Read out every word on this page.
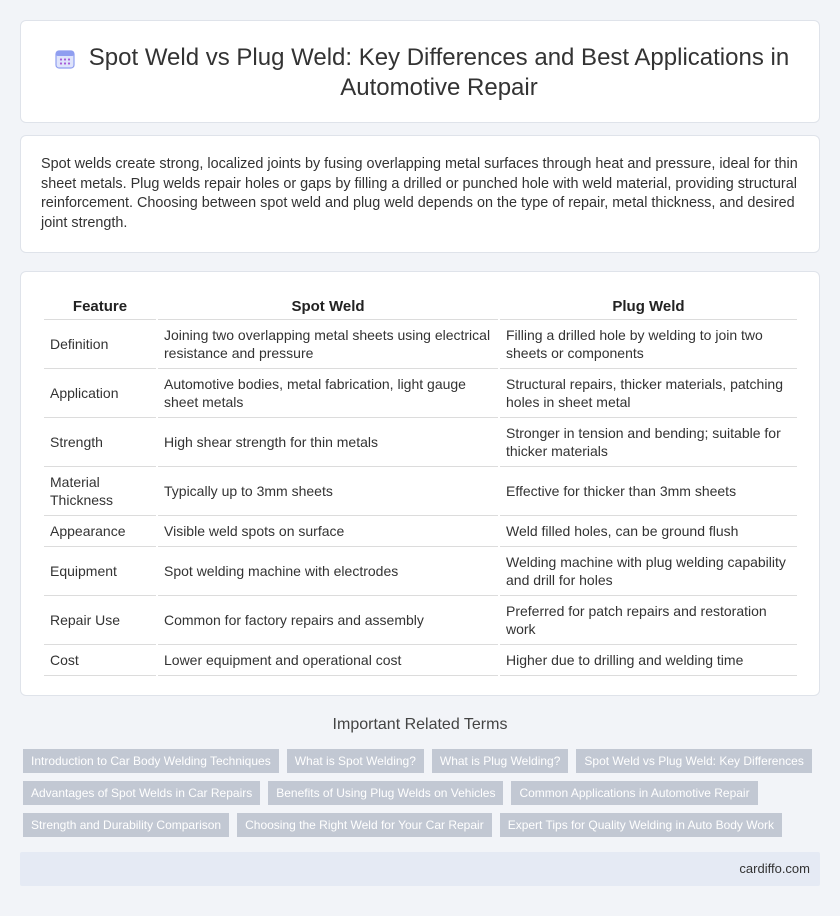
Spot Weld vs Plug Weld: Key Differences and Best Applications in Automotive Repair

Spot welds create strong, localized joints by fusing overlapping metal surfaces through heat and pressure, ideal for thin sheet metals. Plug welds repair holes or gaps by filling a drilled or punched hole with weld material, providing structural reinforcement. Choosing between spot weld and plug weld depends on the type of repair, metal thickness, and desired joint strength.

Feature	Spot Weld	Plug Weld
Definition	Joining two overlapping metal sheets using electrical resistance and pressure	Filling a drilled hole by welding to join two sheets or components
Application	Automotive bodies, metal fabrication, light gauge sheet metals	Structural repairs, thicker materials, patching holes in sheet metal
Strength	High shear strength for thin metals	Stronger in tension and bending; suitable for thicker materials
Material Thickness	Typically up to 3mm sheets	Effective for thicker than 3mm sheets
Appearance	Visible weld spots on surface	Weld filled holes, can be ground flush
Equipment	Spot welding machine with electrodes	Welding machine with plug welding capability and drill for holes
Repair Use	Common for factory repairs and assembly	Preferred for patch repairs and restoration work
Cost	Lower equipment and operational cost	Higher due to drilling and welding time
Important Related Terms
Introduction to Car Body Welding Techniques	What is Spot Welding?	What is Plug Welding?	Spot Weld vs Plug Weld: Key Differences
Advantages of Spot Welds in Car Repairs	Benefits of Using Plug Welds on Vehicles	Common Applications in Automotive Repair
Strength and Durability Comparison	Choosing the Right Weld for Your Car Repair	Expert Tips for Quality Welding in Auto Body Work
cardiffo.com
